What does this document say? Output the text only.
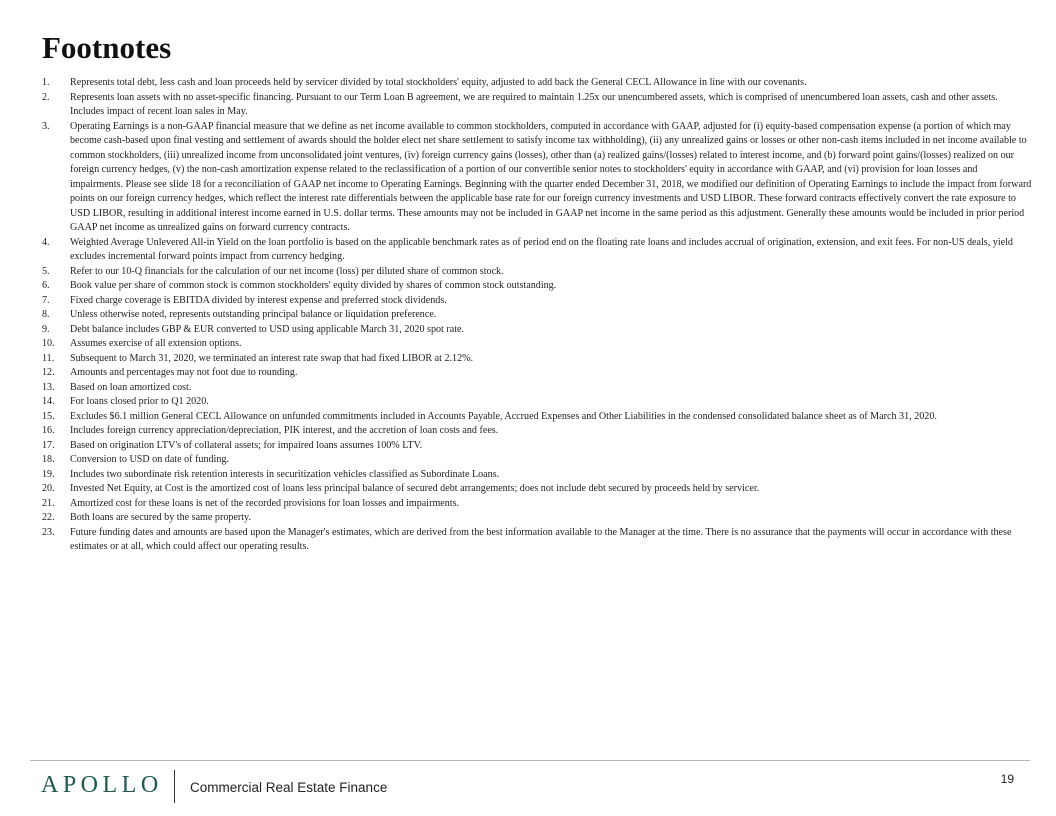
Footnotes
1.	Represents total debt, less cash and loan proceeds held by servicer divided by total stockholders' equity, adjusted to add back the General CECL Allowance in line with our covenants.
2.	Represents loan assets with no asset-specific financing. Pursuant to our Term Loan B agreement, we are required to maintain 1.25x our unencumbered assets, which is comprised of unencumbered loan assets, cash and other assets. Includes impact of recent loan sales in May.
3.	Operating Earnings is a non-GAAP financial measure that we define as net income available to common stockholders, computed in accordance with GAAP, adjusted for (i) equity-based compensation expense (a portion of which may become cash-based upon final vesting and settlement of awards should the holder elect net share settlement to satisfy income tax withholding), (ii) any unrealized gains or losses or other non-cash items included in net income available to common stockholders, (iii) unrealized income from unconsolidated joint ventures, (iv) foreign currency gains (losses), other than (a) realized gains/(losses) related to interest income, and (b) forward point gains/(losses) realized on our foreign currency hedges, (v) the non-cash amortization expense related to the reclassification of a portion of our convertible senior notes to stockholders' equity in accordance with GAAP, and (vi) provision for loan losses and impairments. Please see slide 18 for a reconciliation of GAAP net income to Operating Earnings. Beginning with the quarter ended December 31, 2018, we modified our definition of Operating Earnings to include the impact from forward points on our foreign currency hedges, which reflect the interest rate differentials between the applicable base rate for our foreign currency investments and USD LIBOR. These forward contracts effectively convert the rate exposure to USD LIBOR, resulting in additional interest income earned in U.S. dollar terms. These amounts may not be included in GAAP net income in the same period as this adjustment. Generally these amounts would be included in prior period GAAP net income as unrealized gains on forward currency contracts.
4.	Weighted Average Unlevered All-in Yield on the loan portfolio is based on the applicable benchmark rates as of period end on the floating rate loans and includes accrual of origination, extension, and exit fees. For non-US deals, yield excludes incremental forward points impact from currency hedging.
5.	Refer to our 10-Q financials for the calculation of our net income (loss) per diluted share of common stock.
6.	Book value per share of common stock is common stockholders' equity divided by shares of common stock outstanding.
7.	Fixed charge coverage is EBITDA divided by interest expense and preferred stock dividends.
8.	Unless otherwise noted, represents outstanding principal balance or liquidation preference.
9.	Debt balance includes GBP & EUR converted to USD using applicable March 31, 2020 spot rate.
10.	Assumes exercise of all extension options.
11.	Subsequent to March 31, 2020, we terminated an interest rate swap that had fixed LIBOR at 2.12%.
12.	Amounts and percentages may not foot due to rounding.
13.	Based on loan amortized cost.
14.	For loans closed prior to Q1 2020.
15.	Excludes $6.1 million General CECL Allowance on unfunded commitments included in Accounts Payable, Accrued Expenses and Other Liabilities in the condensed consolidated balance sheet as of March 31, 2020.
16.	Includes foreign currency appreciation/depreciation, PIK interest, and the accretion of loan costs and fees.
17.	Based on origination LTV's of collateral assets; for impaired loans assumes 100% LTV.
18.	Conversion to USD on date of funding.
19.	Includes two subordinate risk retention interests in securitization vehicles classified as Subordinate Loans.
20.	Invested Net Equity, at Cost is the amortized cost of loans less principal balance of secured debt arrangements; does not include debt secured by proceeds held by servicer.
21.	Amortized cost for these loans is net of the recorded provisions for loan losses and impairments.
22.	Both loans are secured by the same property.
23.	Future funding dates and amounts are based upon the Manager's estimates, which are derived from the best information available to the Manager at the time. There is no assurance that the payments will occur in accordance with these estimates or at all, which could affect our operating results.
APOLLO Commercial Real Estate Finance
19
